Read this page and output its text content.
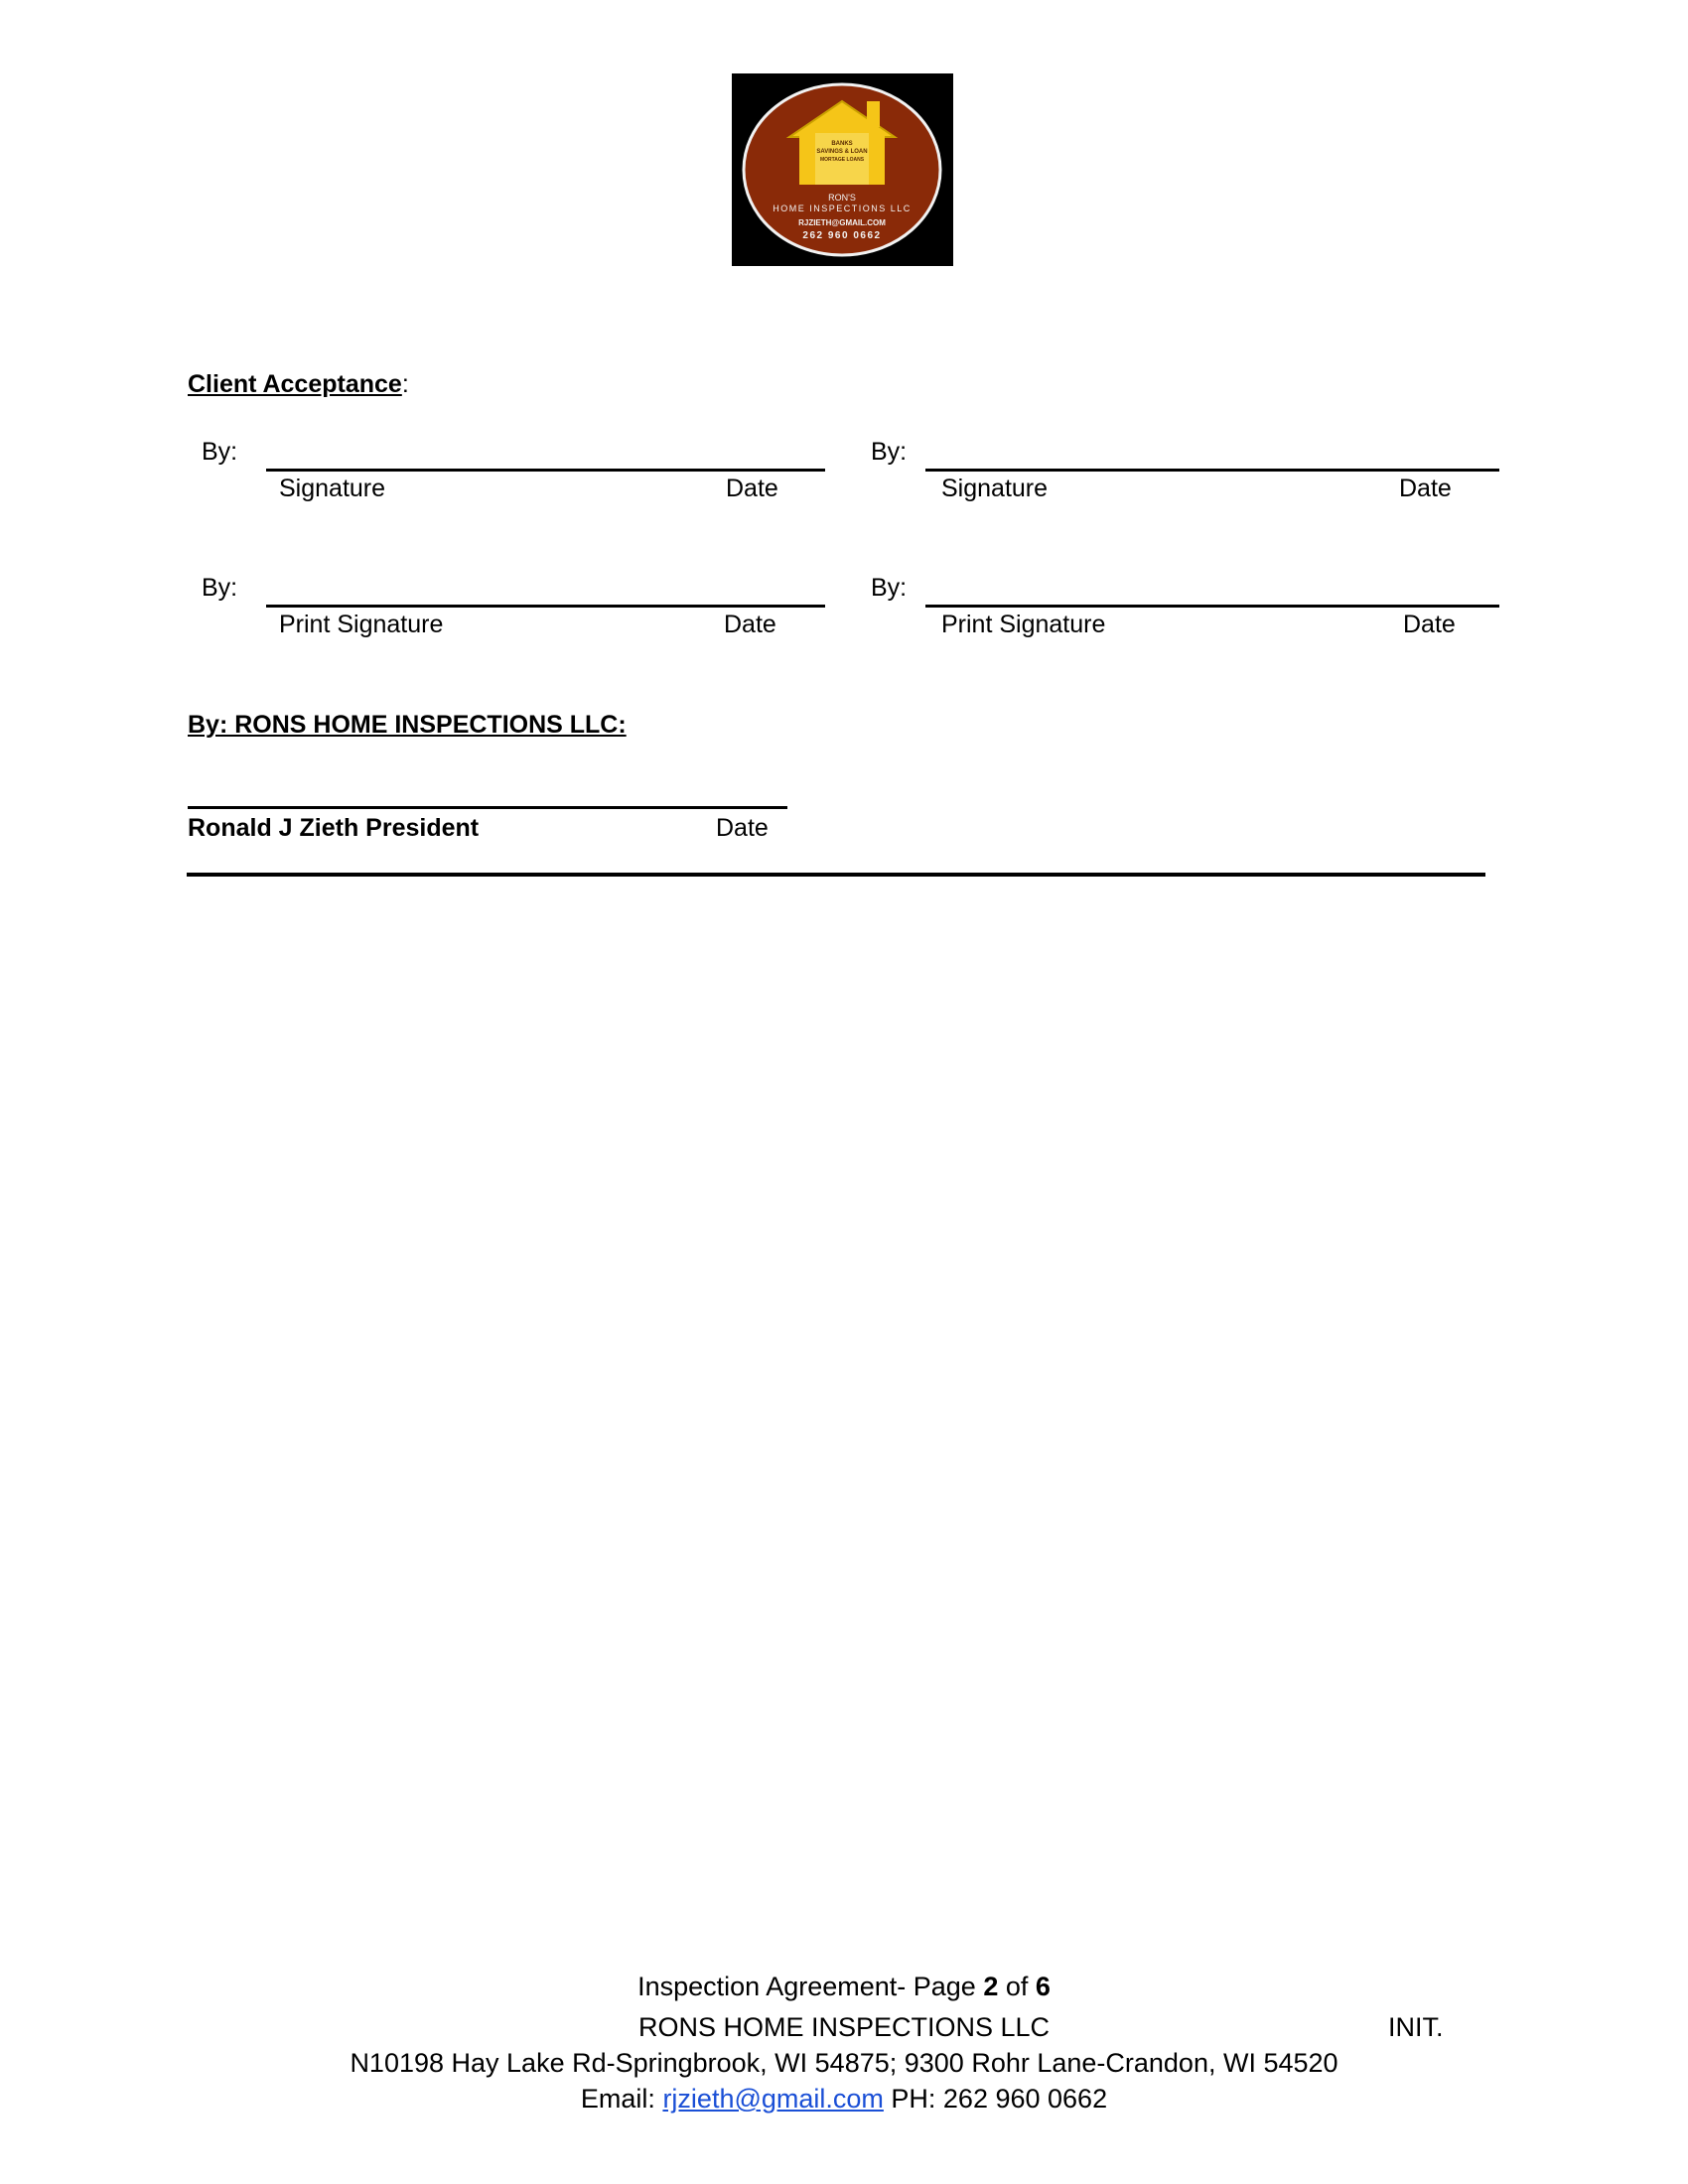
BANKS
SAVINGS & LOAN
MORTAGE LOANS
RON'S
HOME INSPECTIONS LLC
RJZIETH@GMAIL.COM
262 960 0662
Client Acceptance:
By:
Signature	Date
By:
Signature	Date
By:
Print Signature	Date
By:
Print Signature	Date
By: RONS HOME INSPECTIONS LLC:
Ronald J Zieth President	Date
Inspection Agreement- Page 2 of 6
RONS HOME INSPECTIONS LLC	INIT.
N10198 Hay Lake Rd-Springbrook, WI 54875; 9300 Rohr Lane-Crandon, WI 54520
Email: rjzieth@gmail.com PH: 262 960 0662
